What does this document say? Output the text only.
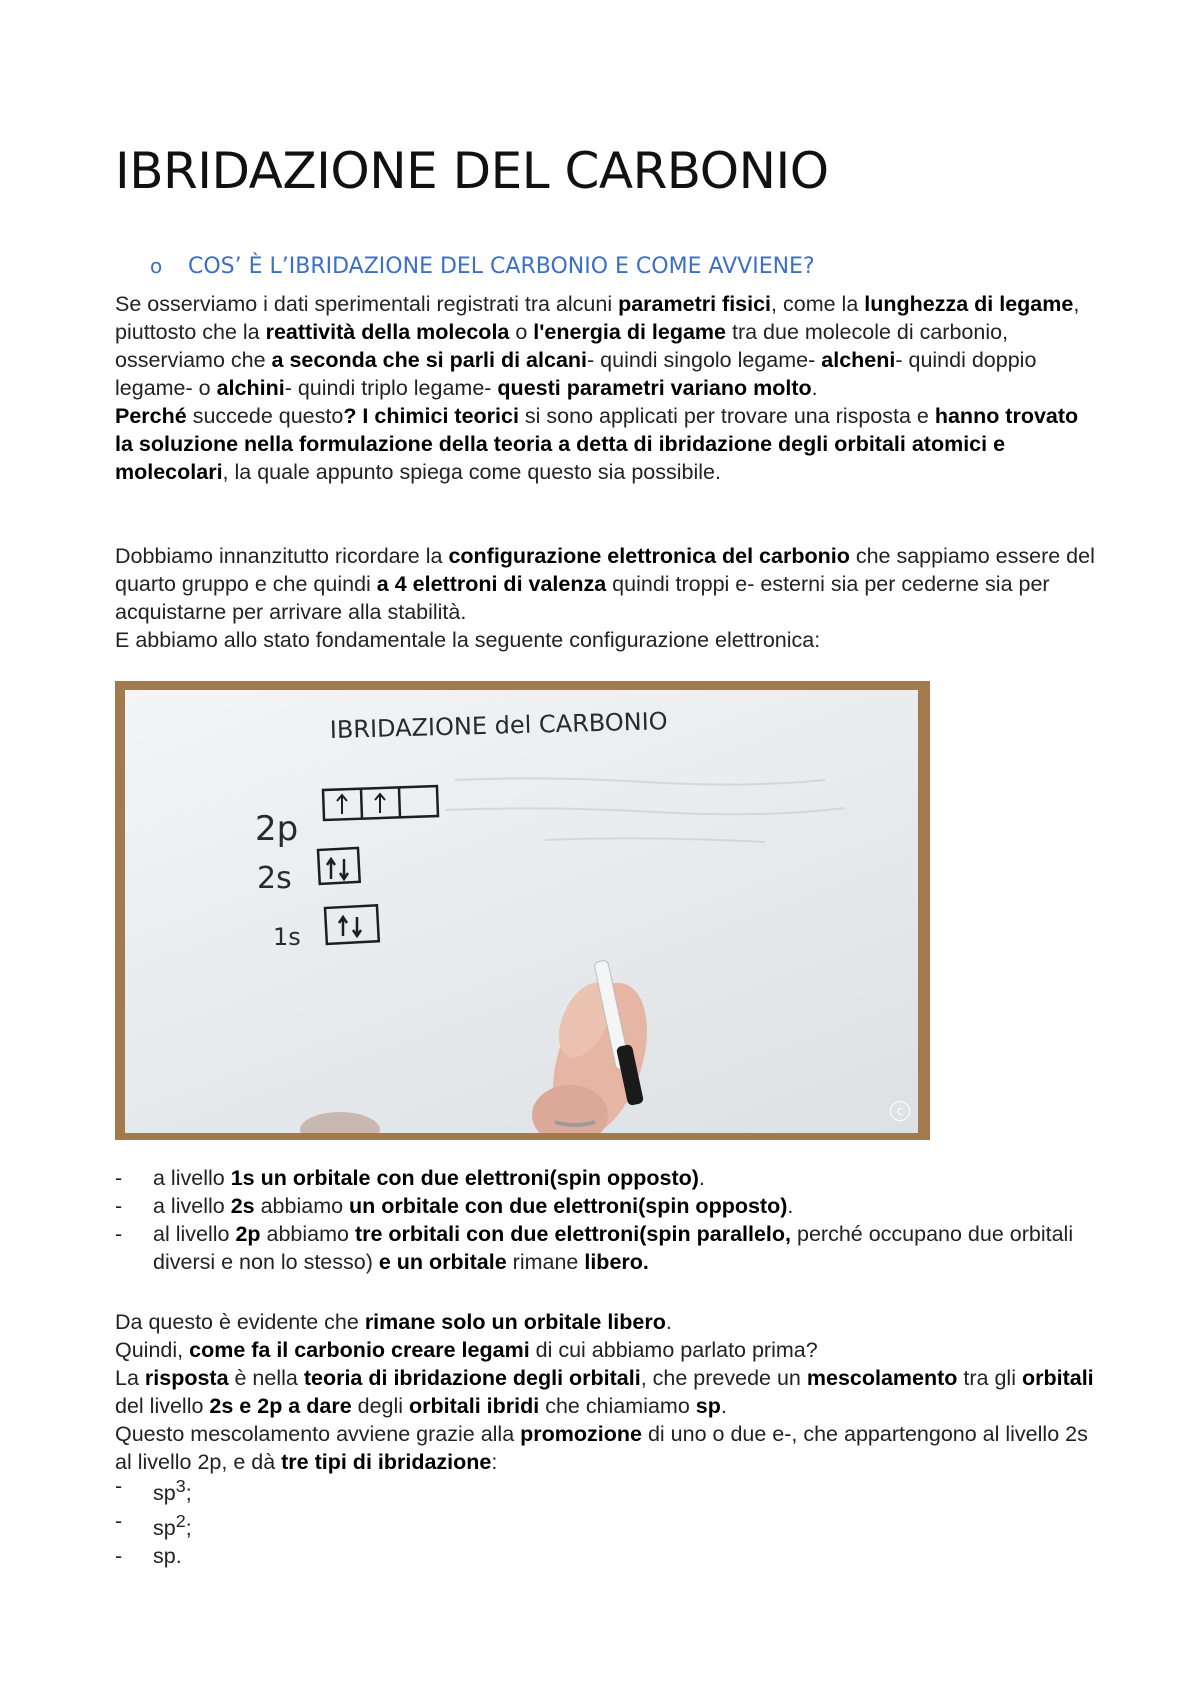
IBRIDAZIONE DEL CARBONIO
o COS’ È L’IBRIDAZIONE DEL CARBONIO E COME AVVIENE?
Se osserviamo i dati sperimentali registrati tra alcuni parametri fisici, come la lunghezza di legame, piuttosto che la reattività della molecola o l'energia di legame tra due molecole di carbonio, osserviamo che a seconda che si parli di alcani- quindi singolo legame- alcheni- quindi doppio legame- o alchini- quindi triplo legame- questi parametri variano molto.
Perché succede questo? I chimici teorici si sono applicati per trovare una risposta e hanno trovato la soluzione nella formulazione della teoria a detta di ibridazione degli orbitali atomici e molecolari, la quale appunto spiega come questo sia possibile.
Dobbiamo innanzitutto ricordare la configurazione elettronica del carbonio che sappiamo essere del quarto gruppo e che quindi a 4 elettroni di valenza quindi troppi e- esterni sia per cederne sia per acquistarne per arrivare alla stabilità.
E abbiamo allo stato fondamentale la seguente configurazione elettronica:
IBRIDAZIONE del CARBONIO
2p
2s
1s
c
- a livello 1s un orbitale con due elettroni(spin opposto).
- a livello 2s abbiamo un orbitale con due elettroni(spin opposto).
- al livello 2p abbiamo tre orbitali con due elettroni(spin parallelo, perché occupano due orbitali diversi e non lo stesso) e un orbitale rimane libero.
Da questo è evidente che rimane solo un orbitale libero.
Quindi, come fa il carbonio creare legami di cui abbiamo parlato prima?
La risposta è nella teoria di ibridazione degli orbitali, che prevede un mescolamento tra gli orbitali del livello 2s e 2p a dare degli orbitali ibridi che chiamiamo sp.
Questo mescolamento avviene grazie alla promozione di uno o due e-, che appartengono al livello 2s al livello 2p, e dà tre tipi di ibridazione:
- $sp^3$;
- $sp^2$;
- sp.
